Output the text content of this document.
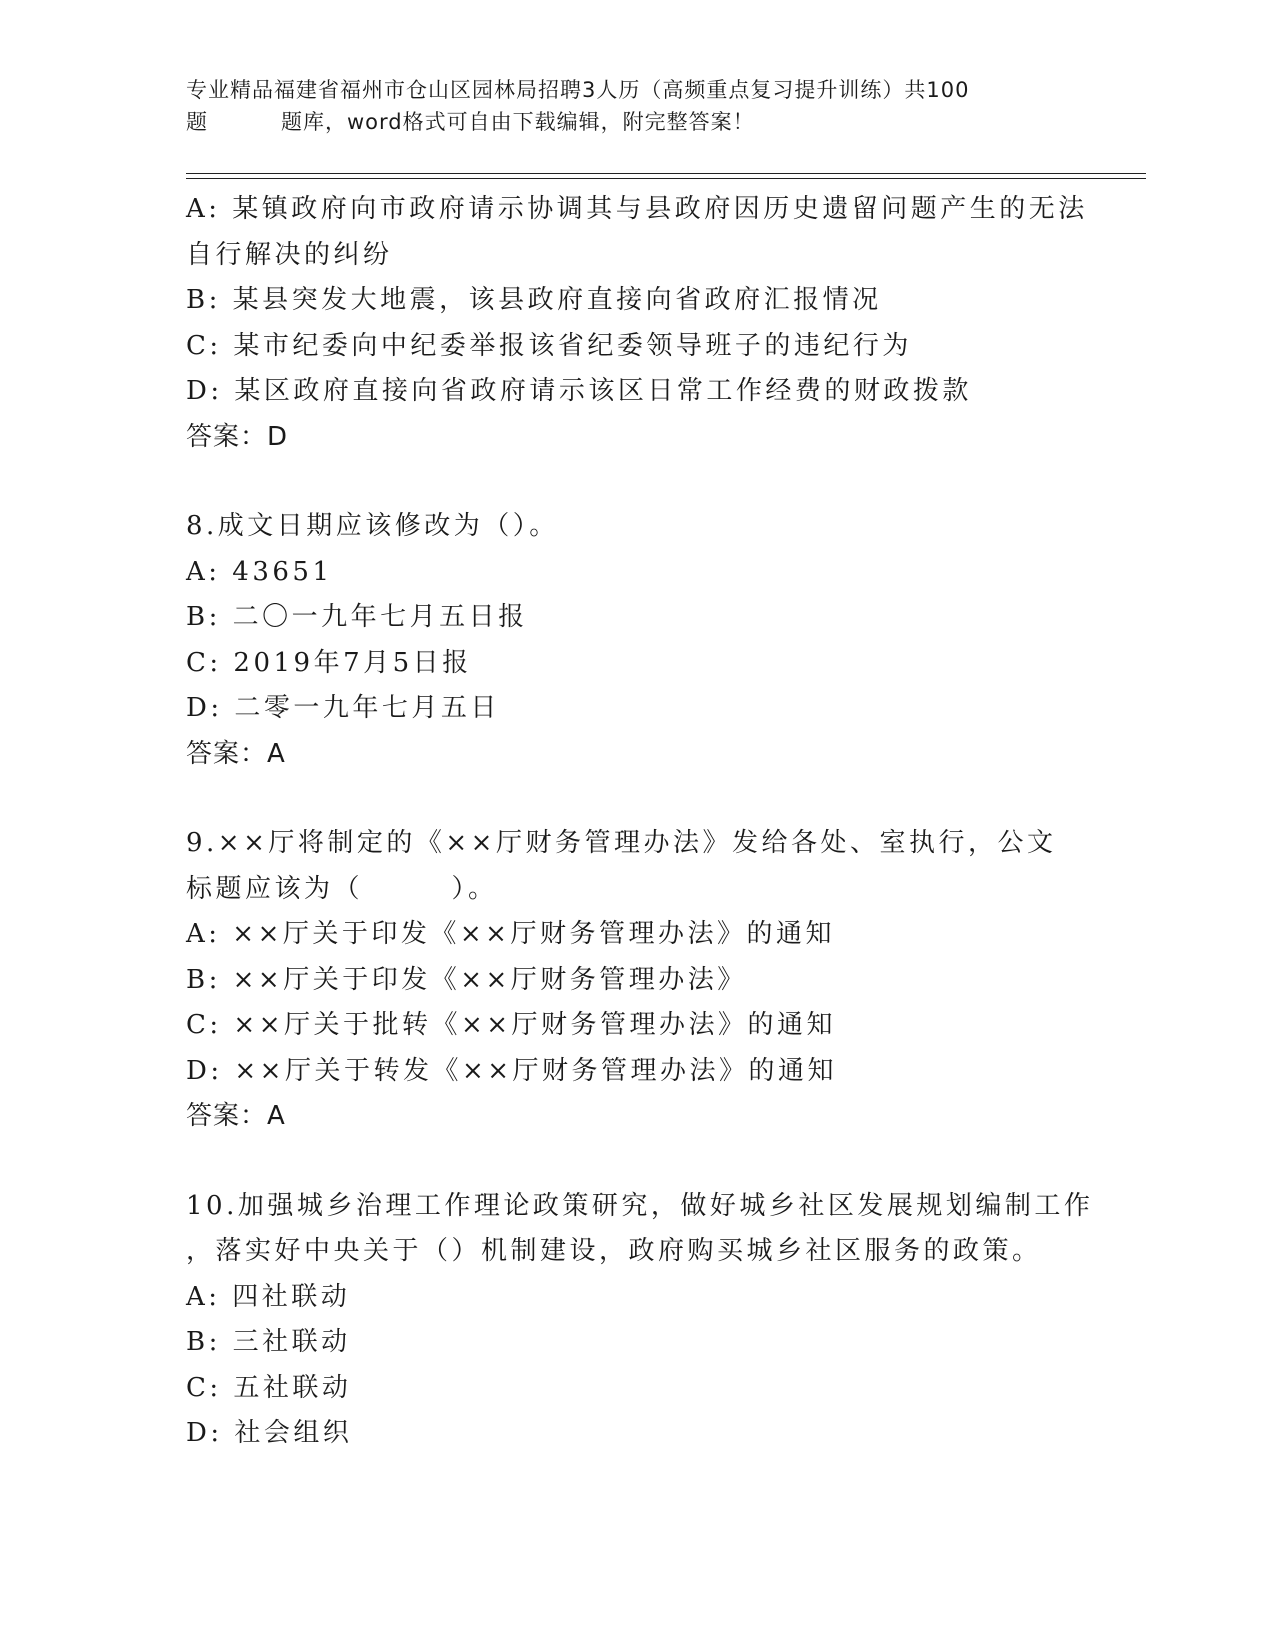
专业精品福建省福州市仓山区园林局招聘3人历（高频重点复习提升训练）共100
题	题库，word格式可自由下载编辑，附完整答案！
A: 某镇政府向市政府请示协调其与县政府因历史遗留问题产生的无法
自行解决的纠纷
B: 某县突发大地震，该县政府直接向省政府汇报情况
C: 某市纪委向中纪委举报该省纪委领导班子的违纪行为
D: 某区政府直接向省政府请示该区日常工作经费的财政拨款
答案：D
8.成文日期应该修改为（）。
A: 43651
B: 二〇一九年七月五日报
C: 2019年7月5日报
D: 二零一九年七月五日
答案：A
9.××厅将制定的《××厅财务管理办法》发给各处、室执行，公文
标题应该为（　　　）。
A: ××厅关于印发《××厅财务管理办法》的通知
B: ××厅关于印发《××厅财务管理办法》
C: ××厅关于批转《××厅财务管理办法》的通知
D: ××厅关于转发《××厅财务管理办法》的通知
答案：A
10.加强城乡治理工作理论政策研究，做好城乡社区发展规划编制工作
，落实好中央关于（）机制建设，政府购买城乡社区服务的政策。
A: 四社联动
B: 三社联动
C: 五社联动
D: 社会组织
